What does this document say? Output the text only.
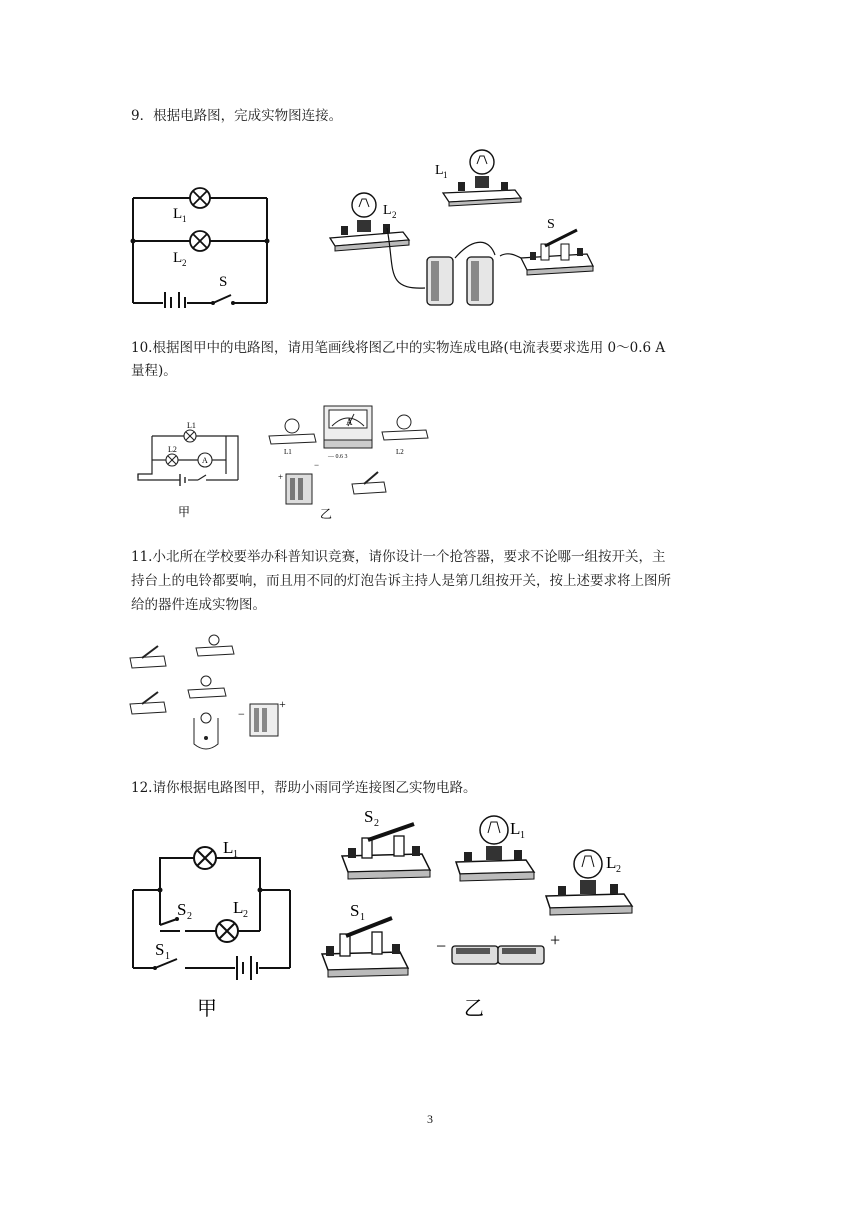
9．根据电路图，完成实物图连接。

L 1
L 2
S
L 1
L 2
S

10.根据图甲中的电路图，请用笔画线将图乙中的实物连成电路(电流表要求选用 0～0.6 A

量程)。

L1
L2
A
甲
L1
A
— 0.6 3
L2
+
−
乙

11.小北所在学校要举办科普知识竞赛，请你设计一个抢答器，要求不论哪一组按开关，主

持台上的电铃都要响，而且用不同的灯泡告诉主持人是第几组按开关，按上述要求将上图所

给的器件连成实物图。

−
+

12.请你根据电路图甲，帮助小雨同学连接图乙实物电路。

L 1
S 2 L 2
S 1
甲
S 2	L 1
L 2
S 1
−	+
乙
3
